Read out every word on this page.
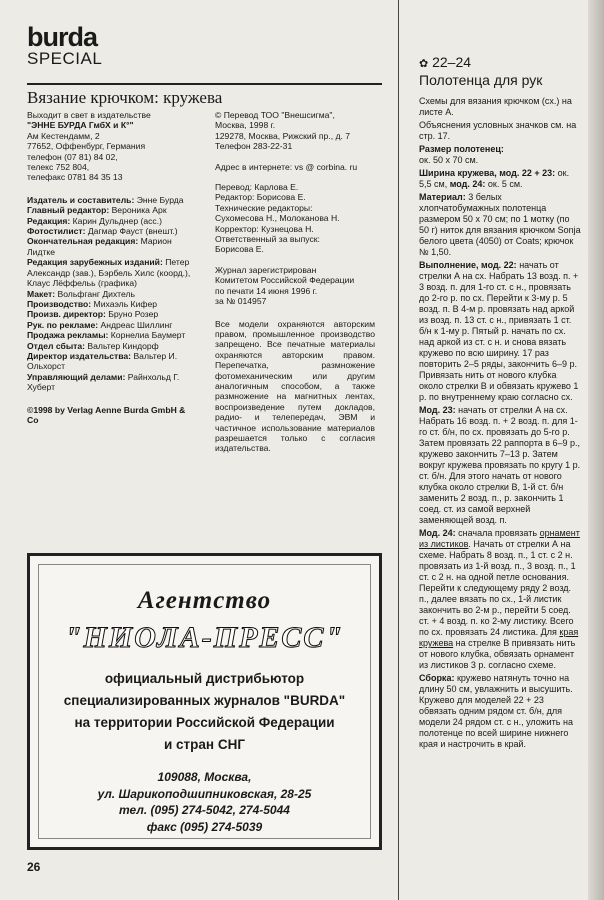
burda
SPECIAL
Вязание крючком: кружева

Выходит в свет в издательстве

"ЭННЕ БУРДА ГмбХ и К°"

Ам Кестендамм, 2

77652, Оффенбург, Германия

телефон (07 81) 84 02,

телекс 752 804,

телефакс 0781 84 35 13

Издатель и составитель: Энне Бурда

Главный редактор: Вероника Арк

Редакция: Карин Дульднер (асс.)

Фотостилист: Дагмар Фауст (внешт.)

Окончательная редакция: Марион Лидтке

Редакция зарубежных изданий: Петер Александр (зав.), Бэрбель Хилс (коорд.), Клаус Лёффельь (графика)

Макет: Вольфганг Дихтель

Производство: Михаэль Кифер

Произв. директор: Бруно Розер

Рук. по рекламе: Андреас Шиллинг

Продажа рекламы: Корнелиа Баумерт

Отдел сбыта: Вальтер Киндорф

Директор издательства: Вальтер И. Ольхорст

Управляющий делами: Райнхольд Г. Хуберт

©1998 by Verlag Aenne Burda GmbH & Co

© Перевод ТОО "Внешсигма",
Москва, 1998 г.
129278, Москва, Рижский пр., д. 7
Телефон 283-22-31

Адрес в интернете: vs @ corbina. ru

Перевод: Карлова Е.
Редактор: Борисова Е.
Технические редакторы:
Сухомесова Н., Молоканова Н.
Корректор: Кузнецова Н.
Ответственный за выпуск:
Борисова Е.
Журнал зарегистрирован
Комитетом Российской Федерации
по печати 14 июня 1996 г.
за № 014957

Все модели охраняются авторским правом, промышленное производство запрещено. Все печатные материалы охраняются авторским правом. Перепечатка, размножение фотомеханическим или другим аналогичным способом, а также размножение на магнитных лентах, воспроизведение путем докладов, радио- и телепередач, ЭВМ и частичное использование материалов разрешается только с согласия издательства.

Агентство
"НИОЛА-ПРЕСС"
официальный дистрибьютор
специализированных журналов "BURDA"
на территории Российской Федерации
и стран СНГ
109088, Москва,
ул. Шарикоподшипниковская, 28-25
тел. (095) 274-5042, 274-5044
факс (095) 274-5039
26
✿ 22–24
Полотенца для рук

Схемы для вязания крючком (сх.) на листе А.

Объяснения условных значков см. на стр. 17.

Размер полотенец:
ок. 50 x 70 см.

Ширина кружева, мод. 22 + 23: ок. 5,5 см, мод. 24: ок. 5 см.

Материал: 3 белых хлопчатобумажных полотенца размером 50 x 70 см; по 1 мотку (по 50 г) ниток для вязания крючком Sonja белого цвета (4050) от Coats; крючок № 1,50.

Выполнение, мод. 22: начать от стрелки А на сх. Набрать 13 возд. п. + 3 возд. п. для 1-го ст. с н., провязать до 2-го р. по сх. Перейти к 3-му р. 5 возд. п. В 4-м р. провязать над аркой из возд. п. 13 ст. с н., привязать 1 ст. б/н к 1-му р. Пятый р. начать по сх. над аркой из ст. с н. и снова вязать кружево по всю ширину. 17 раз повторить 2–5 ряды, закончить 6–9 р. Привязать нить от нового клубка около стрелки В и обвязать кружево 1 р. по внутреннему краю согласно сх.

Мод. 23: начать от стрелки А на сх. Набрать 16 возд. п. + 2 возд. п. для 1-го ст. б/н, по сх. провязать до 5-го р. Затем провязать 22 раппорта в 6–9 р., кружево закончить 7–13 р. Затем вокруг кружева провязать по кругу 1 р. ст. б/н. Для этого начать от нового клубка около стрелки В, 1-й ст. б/н заменить 2 возд. п., р. закончить 1 соед. ст. из самой верхней заменяющей возд. п.

Мод. 24: сначала провязать орнамент из листиков. Начать от стрелки А на схеме. Набрать 8 возд. п., 1 ст. с 2 н. провязать из 1-й возд. п., 3 возд. п., 1 ст. с 2 н. на одной петле основания. Перейти к следующему ряду 2 возд. п., далее вязать по сх., 1-й листик закончить во 2-м р., перейти 5 соед. ст. + 4 возд. п. ко 2-му листику. Всего по сх. провязать 24 листика. Для края кружева на стрелке В привязать нить от нового клубка, обвязать орнамент из листиков 3 р. согласно схеме.

Сборка: кружево натянуть точно на длину 50 см, увлажнить и высушить. Кружево для моделей 22 + 23 обвязать одним рядом ст. б/н, для модели 24 рядом ст. с н., уложить на полотенце по всей ширине нижнего края и настрочить в край.
